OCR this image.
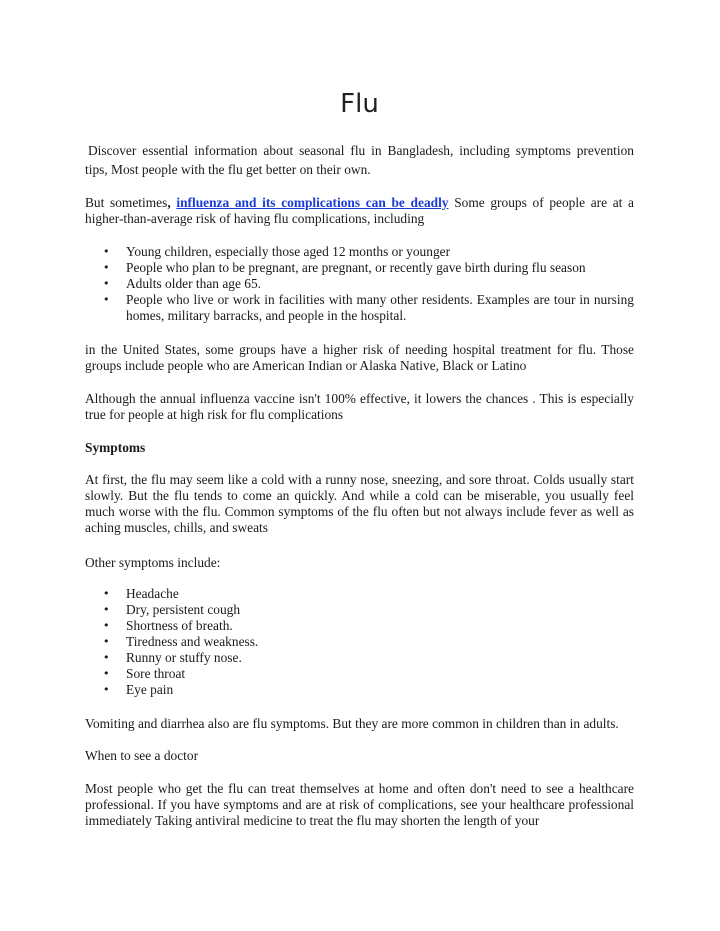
Flu

Discover essential information about seasonal flu in Bangladesh, including symptoms prevention tips, Most people with the flu get better on their own.

But sometimes, influenza and its complications can be deadly Some groups of people are at a higher-than-average risk of having flu complications, including

• Young children, especially those aged 12 months or younger
• People who plan to be pregnant, are pregnant, or recently gave birth during flu season
• Adults older than age 65.
• People who live or work in facilities with many other residents. Examples are tour in nursing homes, military barracks, and people in the hospital.

in the United States, some groups have a higher risk of needing hospital treatment for flu. Those groups include people who are American Indian or Alaska Native, Black or Latino

Although the annual influenza vaccine isn't 100% effective, it lowers the chances . This is especially true for people at high risk for flu complications

Symptoms

At first, the flu may seem like a cold with a runny nose, sneezing, and sore throat. Colds usually start slowly. But the flu tends to come an quickly. And while a cold can be miserable, you usually feel much worse with the flu. Common symptoms of the flu often but not always include fever as well as aching muscles, chills, and sweats

Other symptoms include:

• Headache
• Dry, persistent cough
• Shortness of breath.
• Tiredness and weakness.
• Runny or stuffy nose.
• Sore throat
• Eye pain

Vomiting and diarrhea also are flu symptoms. But they are more common in children than in adults.

When to see a doctor

Most people who get the flu can treat themselves at home and often don't need to see a healthcare professional. If you have symptoms and are at risk of complications, see your healthcare professional immediately Taking antiviral medicine to treat the flu may shorten the length of your
